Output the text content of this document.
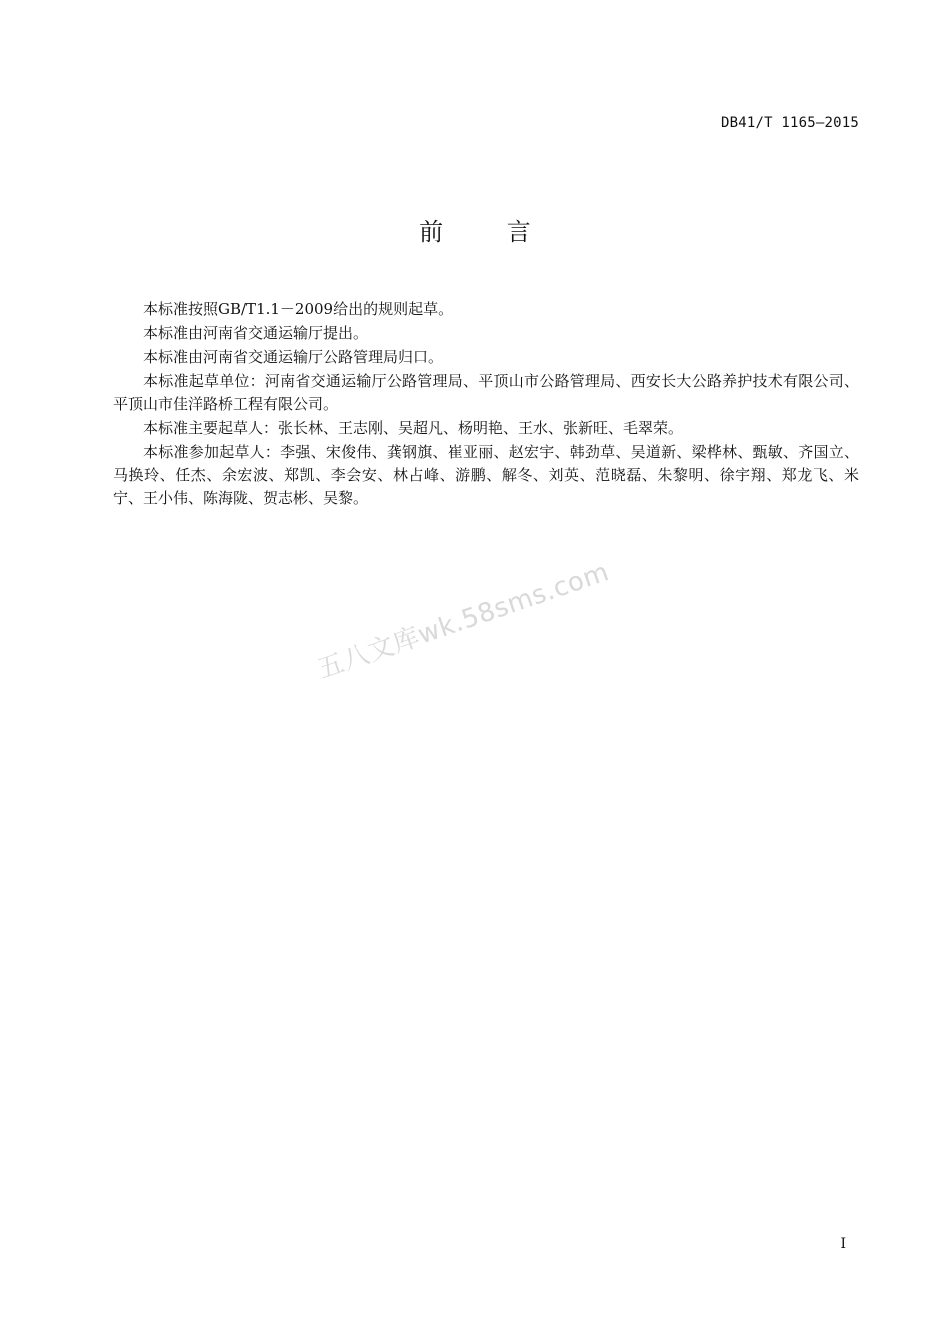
DB41/T 1165—2015
前 言

本标准按照GB/T1.1－2009给出的规则起草。

本标准由河南省交通运输厅提出。

本标准由河南省交通运输厅公路管理局归口。

本标准起草单位：河南省交通运输厅公路管理局、平顶山市公路管理局、西安长大公路养护技术有限公司、平顶山市佳洋路桥工程有限公司。

本标准主要起草人：张长林、王志刚、吴超凡、杨明艳、王水、张新旺、毛翠荣。

本标准参加起草人：李强、宋俊伟、龚钢旗、崔亚丽、赵宏宇、韩劲草、吴道新、梁桦林、甄敏、齐国立、马换玲、任杰、余宏波、郑凯、李会安、林占峰、游鹏、解冬、刘英、范晓磊、朱黎明、徐宇翔、郑龙飞、米宁、王小伟、陈海陇、贺志彬、吴黎。

五八文库wk.58sms.com
I
